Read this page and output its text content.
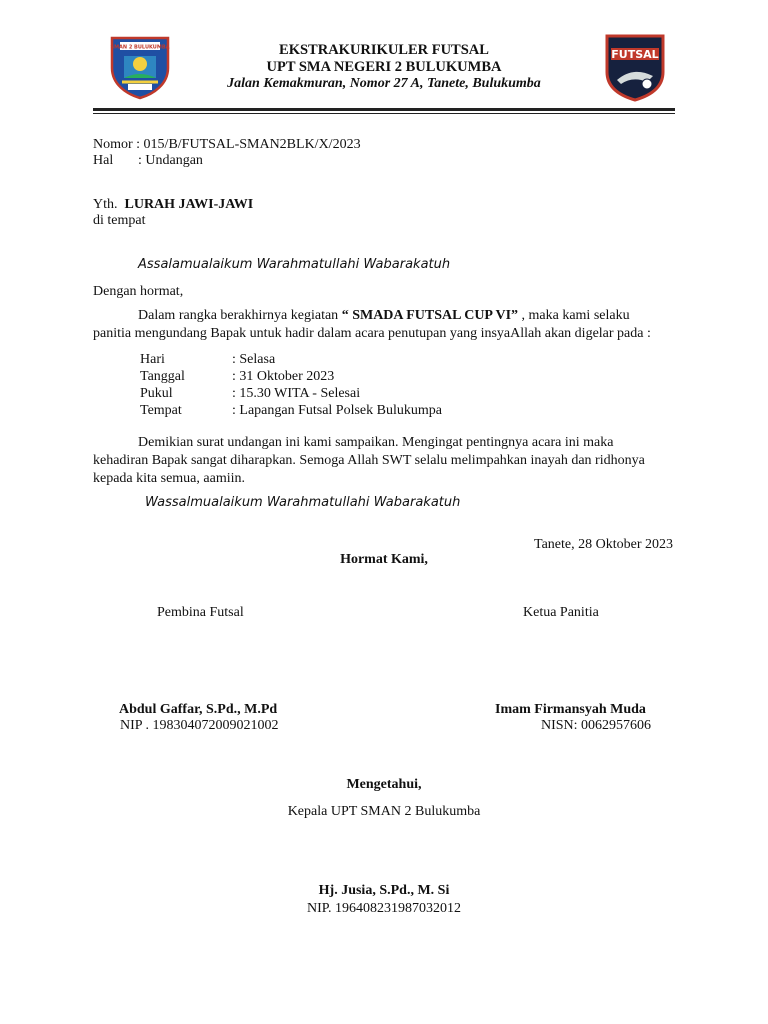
SMAN 2 BULUKUMBA
FUTSAL
EKSTRAKURIKULER FUTSAL
UPT SMA NEGERI 2 BULUKUMBA
Jalan Kemakmuran, Nomor 27 A, Tanete, Bulukumba
Nomor : 015/B/FUTSAL-SMAN2BLK/X/2023
Hal : Undangan
Yth. LURAH JAWI-JAWI
di tempat
Assalamualaikum Warahmatullahi Wabarakatuh
Dengan hormat,
Dalam rangka berakhirnya kegiatan “ SMADA FUTSAL CUP VI” , maka kami selaku
panitia mengundang Bapak untuk hadir dalam acara penutupan yang insyaAllah akan digelar pada :
Hari	: Selasa
Tanggal	: 31 Oktober 2023
Pukul	: 15.30 WITA - Selesai
Tempat	: Lapangan Futsal Polsek Bulukumpa
Demikian surat undangan ini kami sampaikan. Mengingat pentingnya acara ini maka
kehadiran Bapak sangat diharapkan. Semoga Allah SWT selalu melimpahkan inayah dan ridhonya
kepada kita semua, aamiin.
Wassalmualaikum Warahmatullahi Wabarakatuh
Tanete, 28 Oktober 2023
Hormat Kami,
Pembina Futsal	Ketua Panitia
Abdul Gaffar, S.Pd., M.Pd
NIP . 198304072009021002
Imam Firmansyah Muda
NISN: 0062957606
Mengetahui,
Kepala UPT SMAN 2 Bulukumba
Hj. Jusia, S.Pd., M. Si
NIP. 196408231987032012
